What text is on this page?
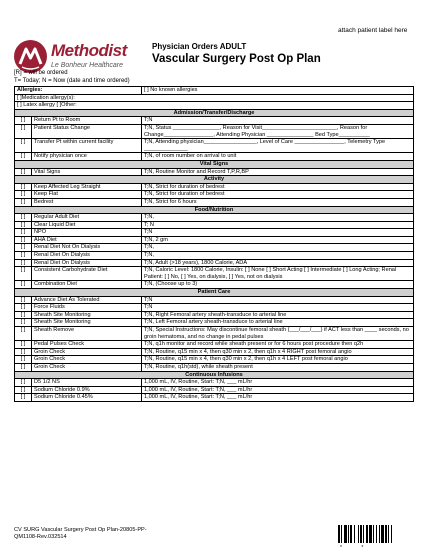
attach patient label here
Methodist
Le Bonheur Healthcare
Physician Orders ADULT
Vascular Surgery Post Op Plan
[R] = will be ordered
T= Today; N = Now (date and time ordered)
Allergies:		[ ] No known allergies
[ ]Medication allergy(s):		
[ ] Latex allergy [ ]Other:		
Admission/Transfer/Discharge		
[ ]	Return Pt to Room	T;N
[ ]	Patient Status Change	T;N, Status _______________, Reason for Visit________________________, Reason for Change________________, Attending Physician _______________ Bed Type__________
[ ]	Transfer Pt within current facility	T;N, Attending physician_________________, Level of Care ________________, Telemetry Type ______________
[ ]	Notify physician once	T;N, of room number on arrival to unit
Vital Signs		
[ ]	Vital Signs	T;N, Routine Monitor and Record T,P,R,BP
Activity		
[ ]	Keep Affected Leg Straight	T;N, Strict for duration of bedrest
[ ]	Keep Flat	T;N, Strict for duration of bedrest
[ ]	Bedrest	T;N, Strict for 6 hours
Food/Nutrition		
[ ]	Regular Adult Diet	T;N,
[ ]	Clear Liquid Diet	T; N
[ ]	NPO	T;N
[ ]	AHA Diet	T;N, 2 gm
[ ]	Renal Diet Not On Dialysis	T;N,
[ ]	Renal Diet On Dialysis	T;N,
[ ]	Renal Diet On Dialysis	T;N, Adult (>18 years), 1800 Calorie, ADA
[ ]	Consistent Carbohydrate Diet	T;N, Caloric Level: 1800 Calorie, Insulin: [ ] None [ ] Short Acting [ ] Intermediate [ ] Long Acting; Renal Patient: [ ] No, [ ] Yes, on dialysis, [ ] Yes, not on dialysis
[ ]	Combination Diet	T;N, (Choose up to 3)
Patient Care		
[ ]	Advance Diet As Tolerated	T;N
[ ]	Force Fluids	T;N
[ ]	Sheath Site Monitoring	T;N, Right Femoral artery sheath-transduce to arterial line
[ ]	Sheath Site Monitoring	T;N, Left Femoral artery sheath-transduce to arterial line
[ ]	Sheath Remove	T;N, Special Instructions: May discontinue femoral sheath (___/___/___) if ACT less than ____ seconds, no groin hematoma, and no change in pedal pulses
[ ]	Pedal Pulses Check	T;N, q1h monitor and record while sheath present or for 6 hours post procedure then q2h
[ ]	Groin Check	T;N, Routine, q15 min x 4, then q30 min x 2, then q1h x 4 RIGHT post femoral angio
[ ]	Groin Check	T;N, Routine, q15 min x 4, then q30 min x 2, then q1h x 4 LEFT post femoral angio
[ ]	Groin Check	T;N, Routine, q1h(std), while sheath present
Continuous Infusions		
[ ]	D5 1/2 NS	1,000 mL, IV, Routine, Start: T;N, ___ mL/hr
[ ]	Sodium Chloride 0.9%	1,000 mL, IV, Routine, Start: T;N, ___ mL/hr
[ ]	Sodium Chloride 0.45%	1,000 mL, IV, Routine, Start: T;N, ___ mL/hr
CV SURG Vascular Surgery Post Op Plan-20805-PP-
QM1108-Rev.032514
* *
